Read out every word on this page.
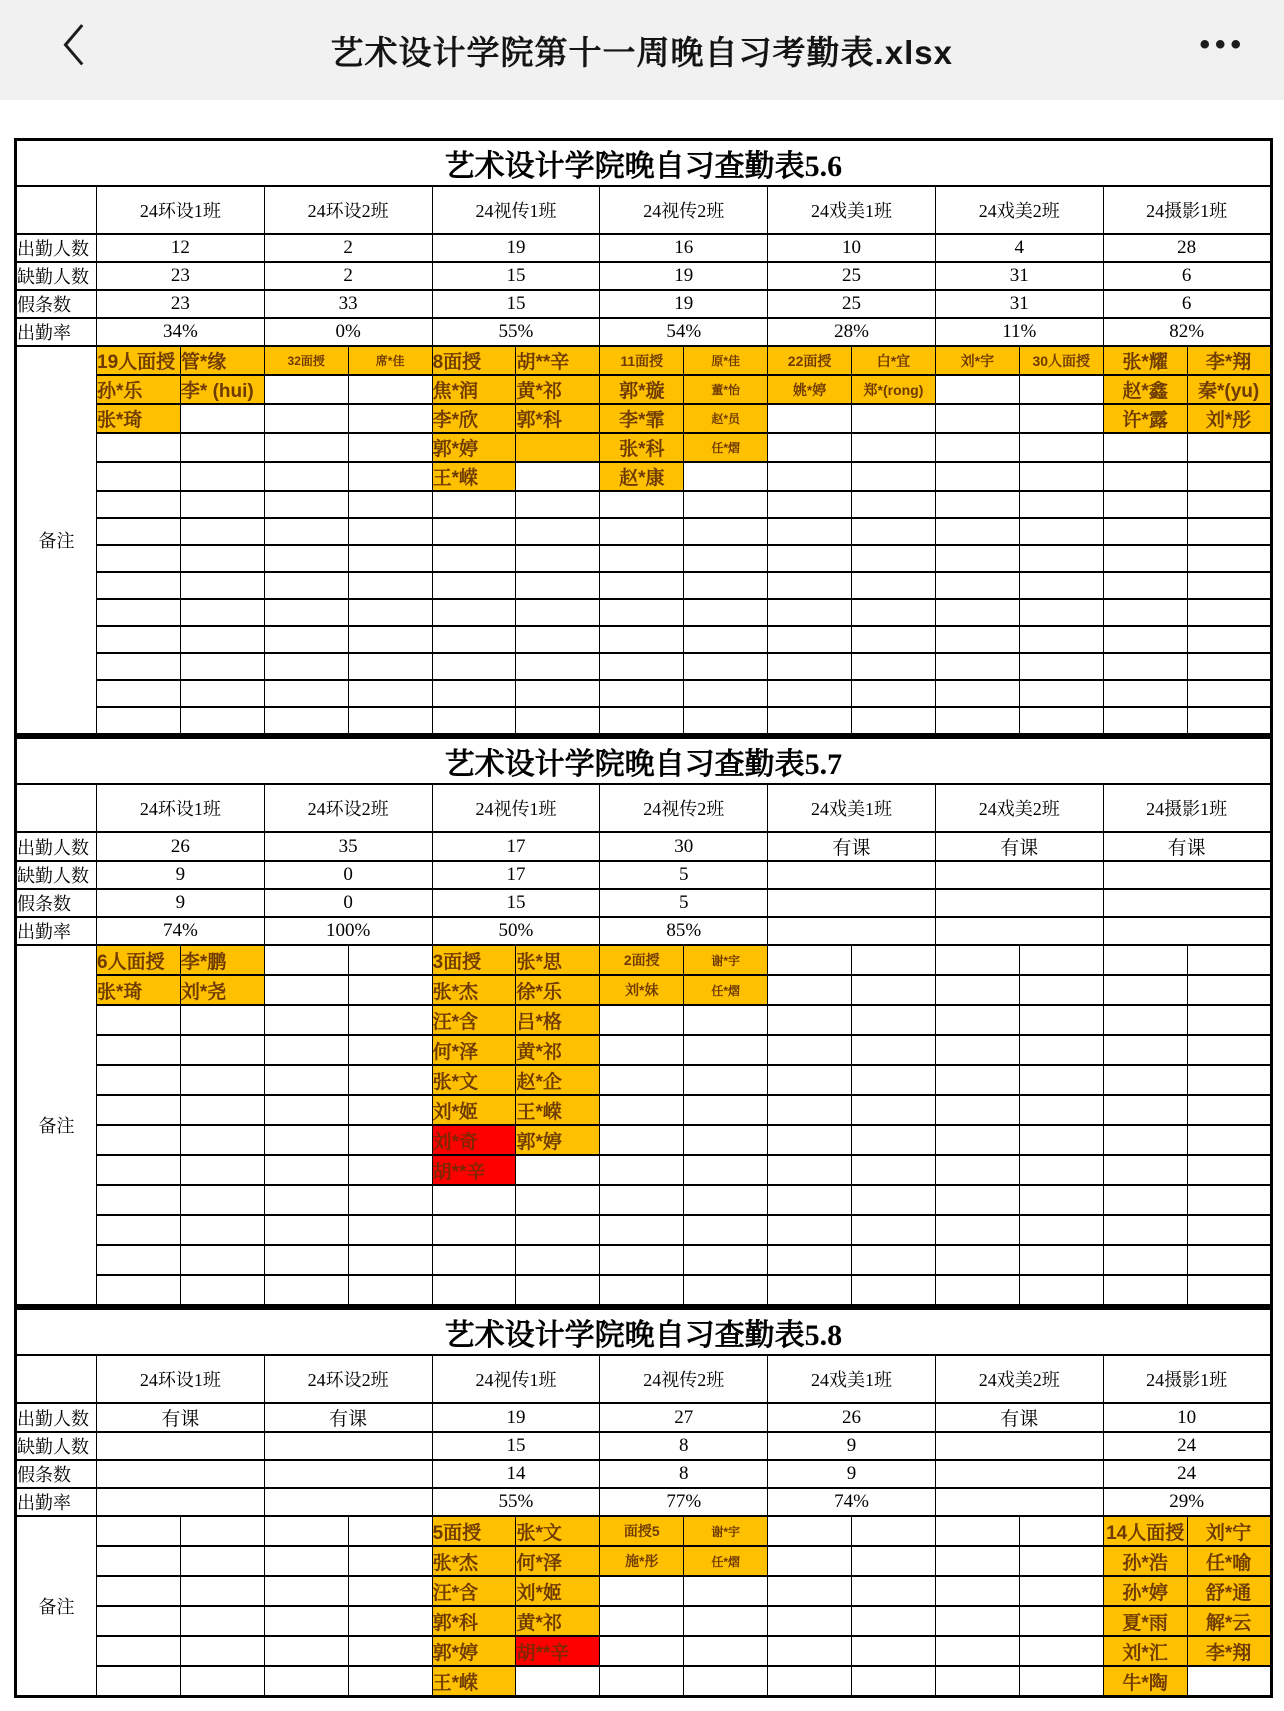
〈	艺术设计学院第十一周晚自习考勤表.xlsx	•••
艺术设计学院晚自习查勤表5.6														
	24环设1班		24环设2班		24视传1班		24视传2班		24戏美1班		24戏美2班		24摄影1班	
出勤人数	12		2		19		16		10		4		28	
缺勤人数	23		2		15		19		25		31		6	
假条数	23		33		15		19		25		31		6	
出勤率	34%		0%		55%		54%		28%		11%		82%	
备注	19人面授	管*缘	32面授	席*佳	8面授	胡**辛	11面授	原*佳	22面授	白*宜	刘*宇	30人面授	张*耀	李*翔
	孙*乐	李* (hui)			焦*润	黄*祁	郭*璇	董*怡	姚*婷	郑*(rong)			赵*鑫	秦*(yu)
	张*琦				李*欣	郭*科	李*霏	赵*员					许*露	刘*彤
					郭*婷		张*科	任*熠						
					王*嵘		赵*康							

艺术设计学院晚自习查勤表5.7														
	24环设1班		24环设2班		24视传1班		24视传2班		24戏美1班		24戏美2班		24摄影1班	
出勤人数	26		35		17		30		有课		有课		有课	
缺勤人数	9		0		17		5							
假条数	9		0		15		5							
出勤率	74%		100%		50%		85%							
备注	6人面授	李*鹏			3面授	张*思	2面授	谢*宇						
	张*琦	刘*尧			张*杰	徐*乐	刘*妹	任*熠						
					汪*含	吕*格								
					何*泽	黄*祁								
					张*文	赵*企								
					刘*姬	王*嵘								
					刘*奇	郭*婷								
					胡**辛									

艺术设计学院晚自习查勤表5.8														
	24环设1班		24环设2班		24视传1班		24视传2班		24戏美1班		24戏美2班		24摄影1班	
出勤人数	有课		有课		19		27		26		有课		10	
缺勤人数					15		8		9				24	
假条数					14		8		9				24	
出勤率					55%		77%		74%				29%	
备注					5面授	张*文	面授5	谢*宇					14人面授	刘*宁
					张*杰	何*泽	施*彤	任*熠					孙*浩	任*喻
					汪*含	刘*姬							孙*婷	舒*通
					郭*科	黄*祁							夏*雨	解*云
					郭*婷	胡**辛							刘*汇	李*翔
					王*嵘								牛*陶	
